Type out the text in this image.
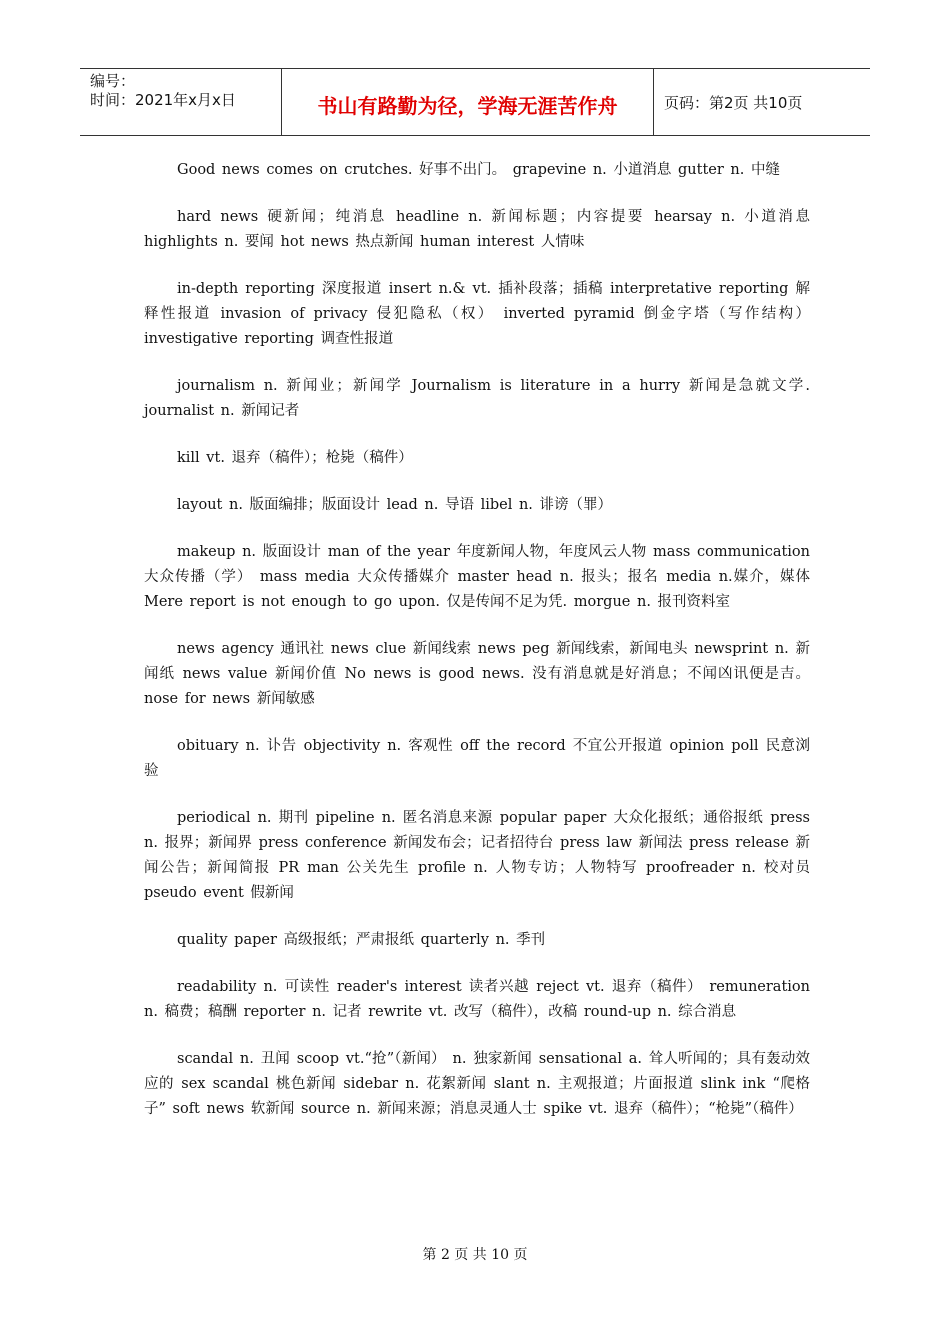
编号：
时间：2021年x月x日	书山有路勤为径，学海无涯苦作舟	页码：第2页 共10页

Good news comes on crutches. 好事不出门。 grapevine n. 小道消息 gutter n. 中缝

hard news 硬新闻；纯消息 headline n. 新闻标题；内容提要 hearsay n. 小道消息 highlights n. 要闻 hot news 热点新闻 human interest 人情味

in-depth reporting 深度报道 insert n.& vt. 插补段落；插稿 interpretative reporting 解释性报道 invasion of privacy 侵犯隐私（权） inverted pyramid 倒金字塔（写作结构） investigative reporting 调查性报道

journalism n. 新闻业；新闻学 Journalism is literature in a hurry 新闻是急就文学. journalist n. 新闻记者

kill vt. 退弃（稿件）；枪毙（稿件）

layout n. 版面编排；版面设计 lead n. 导语 libel n. 诽谤（罪）

makeup n. 版面设计 man of the year 年度新闻人物，年度风云人物 mass communication 大众传播（学） mass media 大众传播媒介 master head n. 报头；报名 media n.媒介，媒体 Mere report is not enough to go upon. 仅是传闻不足为凭. morgue n. 报刊资料室

news agency 通讯社 news clue 新闻线索 news peg 新闻线索，新闻电头 newsprint n. 新闻纸 news value 新闻价值 No news is good news. 没有消息就是好消息；不闻凶讯便是吉。 nose for news 新闻敏感

obituary n. 讣告 objectivity n. 客观性 off the record 不宜公开报道 opinion poll 民意浏验

periodical n. 期刊 pipeline n. 匿名消息来源 popular paper 大众化报纸；通俗报纸 press n. 报界；新闻界 press conference 新闻发布会；记者招待台 press law 新闻法 press release 新闻公告；新闻简报 PR man 公关先生 profile n. 人物专访；人物特写 proofreader n. 校对员 pseudo event 假新闻

quality paper 高级报纸；严肃报纸 quarterly n. 季刊

readability n. 可读性 reader's interest 读者兴越 reject vt. 退弃（稿件） remuneration n. 稿费；稿酬 reporter n. 记者 rewrite vt. 改写（稿件），改稿 round-up n. 综合消息

scandal n. 丑闻 scoop vt.“抢”（新闻） n. 独家新闻 sensational a. 耸人听闻的；具有轰动效应的 sex scandal 桃色新闻 sidebar n. 花絮新闻 slant n. 主观报道；片面报道 slink ink “爬格子” soft news 软新闻 source n. 新闻来源；消息灵通人士 spike vt. 退弃（稿件）；“枪毙”（稿件）

第 2 页 共 10 页
